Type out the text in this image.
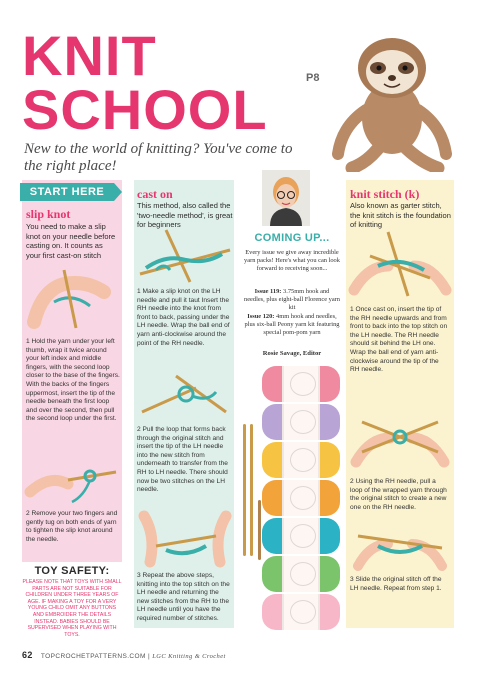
KNIT
SCHOOL
New to the world of knitting? You've come to the right place!
P8
START HERE
slip knot
You need to make a slip knot on your needle before casting on. It counts as your first cast-on stitch
1 Hold the yarn under your left thumb, wrap it twice around your left index and middle fingers, with the second loop closer to the base of the fingers. With the backs of the fingers uppermost, insert the tip of the needle beneath the first loop and over the second, then pull the second loop under the first.
2 Remove your two fingers and gently tug on both ends of yarn to tighten the slip knot around the needle.
TOY SAFETY:
PLEASE NOTE THAT TOYS WITH SMALL PARTS ARE NOT SUITABLE FOR CHILDREN UNDER THREE YEARS OF AGE. IF MAKING A TOY FOR A VERY YOUNG CHILD OMIT ANY BUTTONS AND EMBROIDER THE DETAILS INSTEAD. BABIES SHOULD BE SUPERVISED WHEN PLAYING WITH TOYS.
cast on
This method, also called the 'two-needle method', is great for beginners
1 Make a slip knot on the LH needle and pull it taut Insert the RH needle into the knot from front to back, passing under the LH needle. Wrap the ball end of yarn anti-clockwise around the point of the RH needle.
2 Pull the loop that forms back through the original stitch and insert the tip of the LH needle into the new stitch from underneath to transfer from the RH to LH needle. There should now be two stitches on the LH needle.
3 Repeat the above steps, knitting into the top stitch on the LH needle and returning the new stitches from the RH to the LH needle until you have the required number of stitches.
COMING UP...
Every issue we give away incredible yarn packs! Here's what you can look forward to receiving soon...
Issue 119: 3.75mm hook and needles, plus eight-ball Florence yarn kit
Issue 120: 4mm hook and needles, plus six-ball Peony yarn kit featuring special pom-pom yarn
Rosie Savage, Editor
knit stitch (k)
Also known as garter stitch, the knit stitch is the foundation of knitting
1 Once cast on, insert the tip of the RH needle upwards and from front to back into the top stitch on the LH needle. The RH needle should sit behind the LH one. Wrap the ball end of yarn anti-clockwise around the tip of the RH needle.
2 Using the RH needle, pull a loop of the wrapped yarn through the original stitch to create a new one on the RH needle.
3 Slide the original stitch off the LH needle. Repeat from step 1.
62 TOPCROCHETPATTERNS.COM | LGC Knitting & Crochet
